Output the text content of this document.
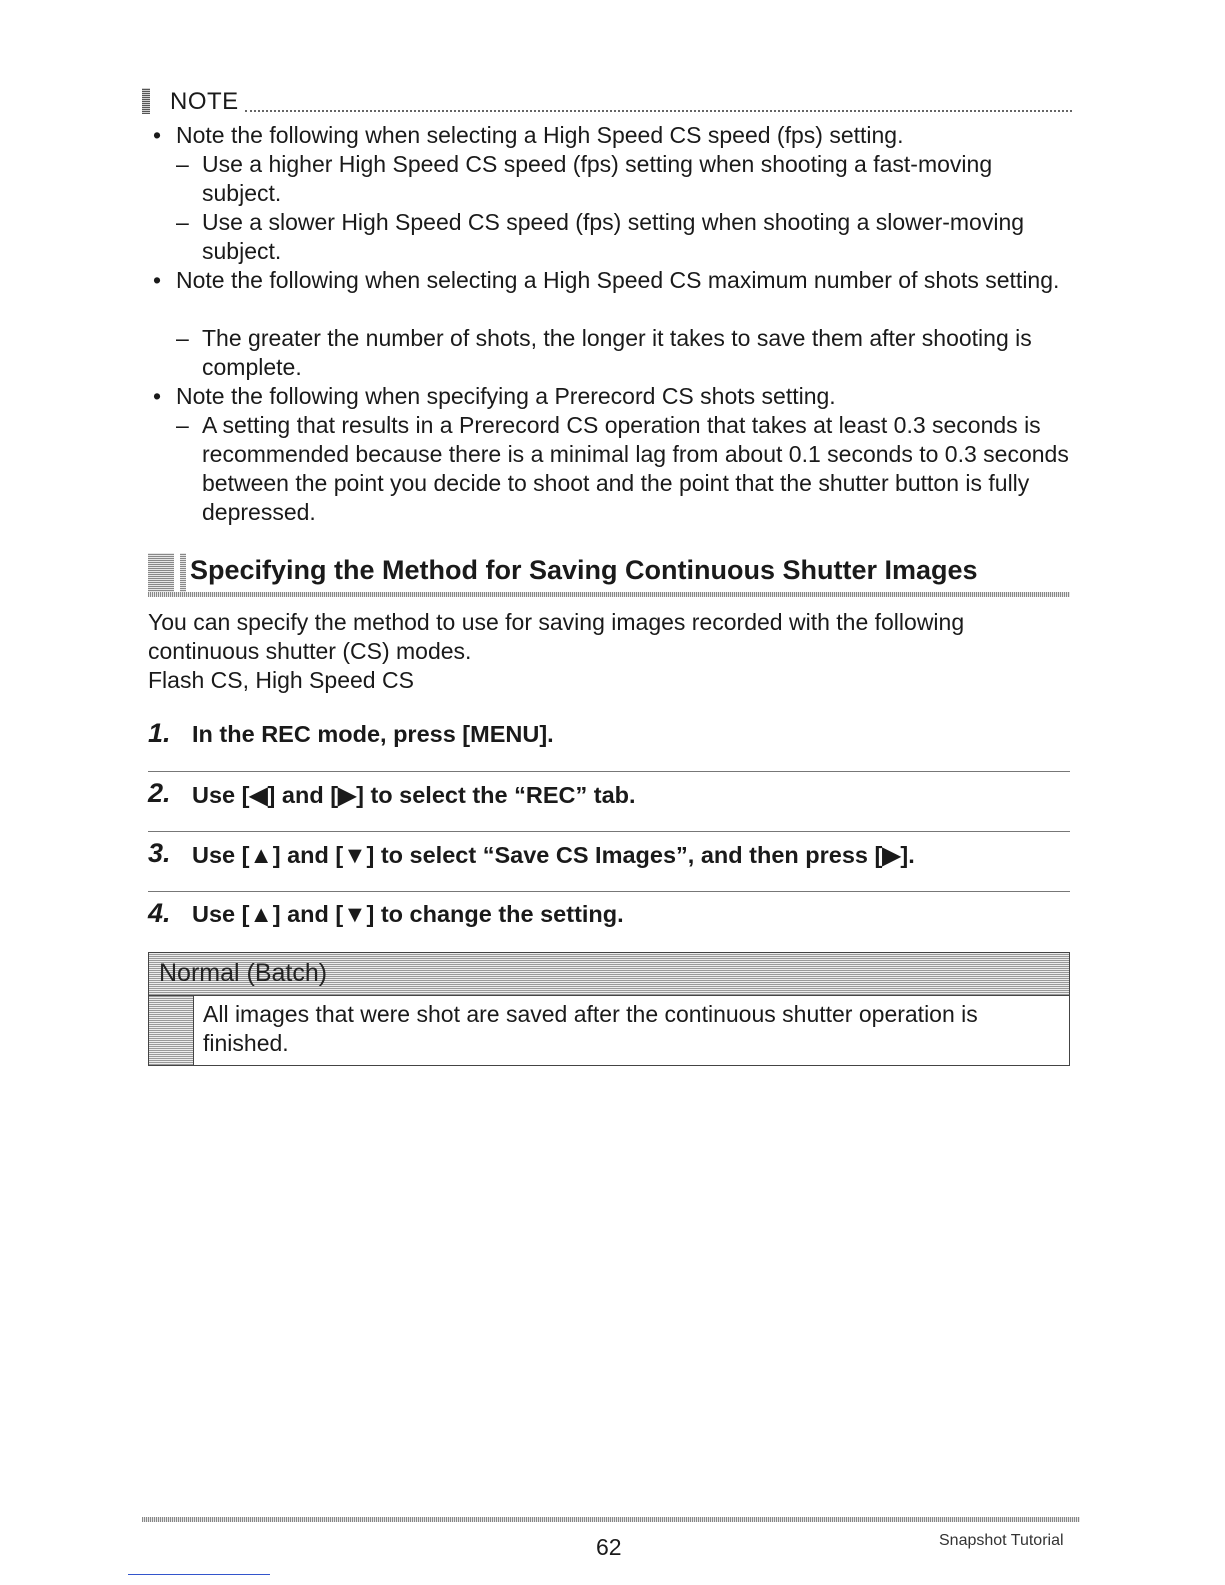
NOTE
• Note the following when selecting a High Speed CS speed (fps) setting.
– Use a higher High Speed CS speed (fps) setting when shooting a fast-moving subject.
– Use a slower High Speed CS speed (fps) setting when shooting a slower-moving subject.
• Note the following when selecting a High Speed CS maximum number of shots setting.
– The greater the number of shots, the longer it takes to save them after shooting is complete.
• Note the following when specifying a Prerecord CS shots setting.
– A setting that results in a Prerecord CS operation that takes at least 0.3 seconds is recommended because there is a minimal lag from about 0.1 seconds to 0.3 seconds between the point you decide to shoot and the point that the shutter button is fully depressed.
Specifying the Method for Saving Continuous Shutter Images
You can specify the method to use for saving images recorded with the following continuous shutter (CS) modes.
Flash CS, High Speed CS
1. In the REC mode, press [MENU].
2. Use [◀] and [▶] to select the “REC” tab.
3. Use [▲] and [▼] to select “Save CS Images”, and then press [▶].
4. Use [▲] and [▼] to change the setting.
Normal (Batch)
All images that were shot are saved after the continuous shutter operation is finished.
62	Snapshot Tutorial
